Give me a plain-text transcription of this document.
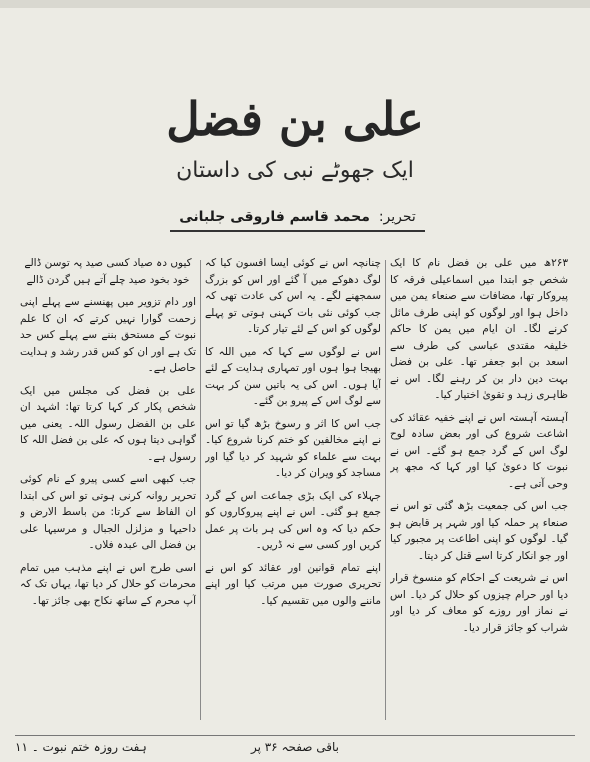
علی بن فضل
ایک جھوٹے نبی کی داستان
تحریر: محمد قاسم فاروقی جلبانی

۲۶۳ھ میں علی بن فضل نام کا ایک شخص جو ابتدا میں اسماعیلی فرقہ کا پیروکار تھا، مضافات سے صنعاء یمن میں داخل ہوا اور لوگوں کو اپنی طرف مائل کرنے لگا۔ ان ایام میں یمن کا حاکم خلیفہ مقتدی عباسی کی طرف سے اسعد بن ابو جعفر تھا۔ علی بن فضل بہت دین دار بن کر رہنے لگا۔ اس نے ظاہری زہد و تقویٰ اختیار کیا۔

آہستہ آہستہ اس نے اپنے خفیہ عقائد کی اشاعت شروع کی اور بعض سادہ لوح لوگ اس کے گرد جمع ہو گئے۔ اس نے نبوت کا دعویٰ کیا اور کہا کہ مجھ پر وحی آتی ہے۔

جب اس کی جمعیت بڑھ گئی تو اس نے صنعاء پر حملہ کیا اور شہر پر قابض ہو گیا۔ لوگوں کو اپنی اطاعت پر مجبور کیا اور جو انکار کرتا اسے قتل کر دیتا۔

اس نے شریعت کے احکام کو منسوخ قرار دیا اور حرام چیزوں کو حلال کر دیا۔ اس نے نماز اور روزے کو معاف کر دیا اور شراب کو جائز قرار دیا۔

چنانچہ اس نے کوئی ایسا افسون کیا کہ لوگ دھوکے میں آ گئے اور اس کو بزرگ سمجھنے لگے۔ یہ اس کی عادت تھی کہ جب کوئی نئی بات کہنی ہوتی تو پہلے لوگوں کو اس کے لئے تیار کرتا۔

اس نے لوگوں سے کہا کہ میں اللہ کا بھیجا ہوا ہوں اور تمہاری ہدایت کے لئے آیا ہوں۔ اس کی یہ باتیں سن کر بہت سے لوگ اس کے پیرو بن گئے۔

جب اس کا اثر و رسوخ بڑھ گیا تو اس نے اپنے مخالفین کو ختم کرنا شروع کیا۔ بہت سے علماء کو شہید کر دیا گیا اور مساجد کو ویران کر دیا۔

جہلاء کی ایک بڑی جماعت اس کے گرد جمع ہو گئی۔ اس نے اپنے پیروکاروں کو حکم دیا کہ وہ اس کی ہر بات پر عمل کریں اور کسی سے نہ ڈریں۔

اپنے تمام قوانین اور عقائد کو اس نے تحریری صورت میں مرتب کیا اور اپنے ماننے والوں میں تقسیم کیا۔

کیوں دہ صیاد کسی صید پہ توسن ڈالے خود بخود صید چلے آتے ہیں گردن ڈالے

اور دام تزویر میں پھنسنے سے پہلے اپنی زحمت گوارا نہیں کرتے کہ ان کا علم نبوت کے مستحق بننے سے پہلے کس حد تک ہے اور ان کو کس قدر رشد و ہدایت حاصل ہے۔

علی بن فضل کی مجلس میں ایک شخص پکار کر کہا کرتا تھا: اشہد ان علی بن الفضل رسول اللہ۔ یعنی میں گواہی دیتا ہوں کہ علی بن فضل اللہ کا رسول ہے۔

جب کبھی اسے کسی پیرو کے نام کوئی تحریر روانہ کرنی ہوتی تو اس کی ابتدا ان الفاظ سے کرتا: من باسط الارض و داحیہا و مزلزل الجبال و مرسیہا علی بن فضل الی عبدہ فلاں۔

اسی طرح اس نے اپنے مذہب میں تمام محرمات کو حلال کر دیا تھا، یہاں تک کہ آپ محرم کے ساتھ نکاح بھی جائز تھا۔

باقی صفحہ ۳۶ پر
ہفت روزہ ختم نبوت ۔ ۱۱
